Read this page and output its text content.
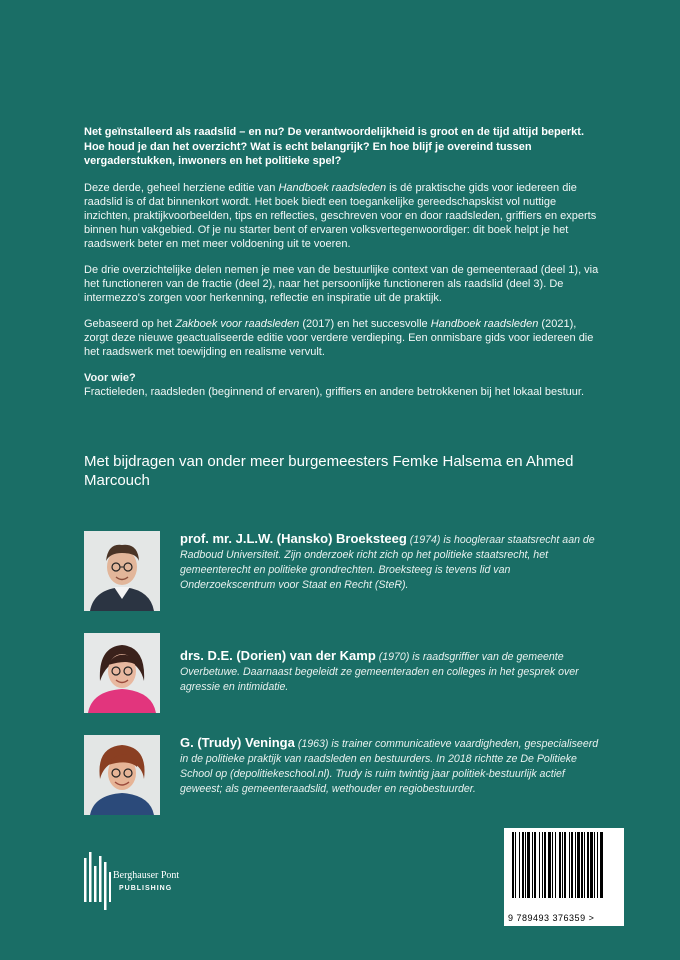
Net geïnstalleerd als raadslid – en nu? De verantwoordelijkheid is groot en de tijd altijd beperkt. Hoe houd je dan het overzicht? Wat is echt belangrijk? En hoe blijf je overeind tussen vergaderstukken, inwoners en het politieke spel?

Deze derde, geheel herziene editie van Handboek raadsleden is dé praktische gids voor iedereen die raadslid is of dat binnenkort wordt. Het boek biedt een toegankelijke gereedschapskist vol nuttige inzichten, praktijkvoorbeelden, tips en reflecties, geschreven voor en door raadsleden, griffiers en experts binnen hun vakgebied. Of je nu starter bent of ervaren volksvertegenwoordiger: dit boek helpt je het raadswerk beter en met meer voldoening uit te voeren.

De drie overzichtelijke delen nemen je mee van de bestuurlijke context van de gemeenteraad (deel 1), via het functioneren van de fractie (deel 2), naar het persoonlijke functioneren als raadslid (deel 3). De intermezzo's zorgen voor herkenning, reflectie en inspiratie uit de praktijk.

Gebaseerd op het Zakboek voor raadsleden (2017) en het succesvolle Handboek raadsleden (2021), zorgt deze nieuwe geactualiseerde editie voor verdere verdieping. Een onmisbare gids voor iedereen die het raadswerk met toewijding en realisme vervult.

Voor wie?

Fractieleden, raadsleden (beginnend of ervaren), griffiers en andere betrokkenen bij het lokaal bestuur.

Met bijdragen van onder meer burgemeesters Femke Halsema en Ahmed Marcouch
prof. mr. J.L.W. (Hansko) Broeksteeg (1974) is hoogleraar staatsrecht aan de Radboud Universiteit. Zijn onderzoek richt zich op het politieke staatsrecht, het gemeenterecht en politieke grondrechten. Broeksteeg is tevens lid van Onderzoekscentrum voor Staat en Recht (SteR).
drs. D.E. (Dorien) van der Kamp (1970) is raadsgriffier van de gemeente Overbetuwe. Daarnaast begeleidt ze gemeenteraden en colleges in het gesprek over agressie en intimidatie.
G. (Trudy) Veninga (1963) is trainer communicatieve vaardigheden, gespecialiseerd in de politieke praktijk van raadsleden en bestuurders. In 2018 richtte ze De Politieke School op (depolitiekeschool.nl). Trudy is ruim twintig jaar politiek-bestuurlijk actief geweest; als gemeenteraadslid, wethouder en regiobestuurder.
Berghauser Pont
PUBLISHING
9 789493 376359 >
